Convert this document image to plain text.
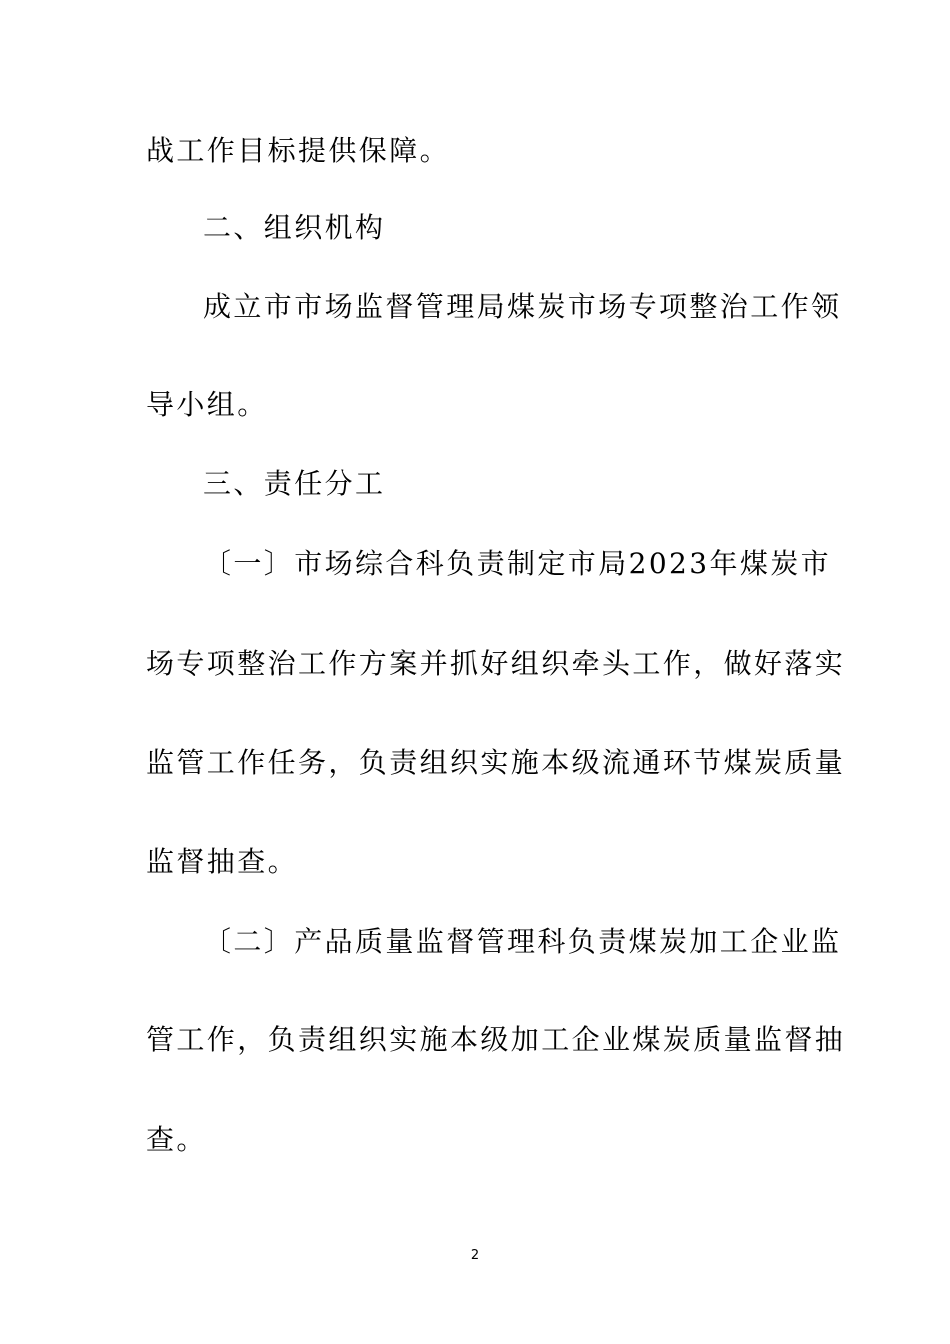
战工作目标提供保障。
二、组织机构
成立市市场监督管理局煤炭市场专项整治工作领
导小组。
三、责任分工
〔一〕市场综合科负责制定市局2023年煤炭市
场专项整治工作方案并抓好组织牵头工作，做好落实
监管工作任务，负责组织实施本级流通环节煤炭质量
监督抽查。
〔二〕产品质量监督管理科负责煤炭加工企业监
管工作，负责组织实施本级加工企业煤炭质量监督抽
查。
2
